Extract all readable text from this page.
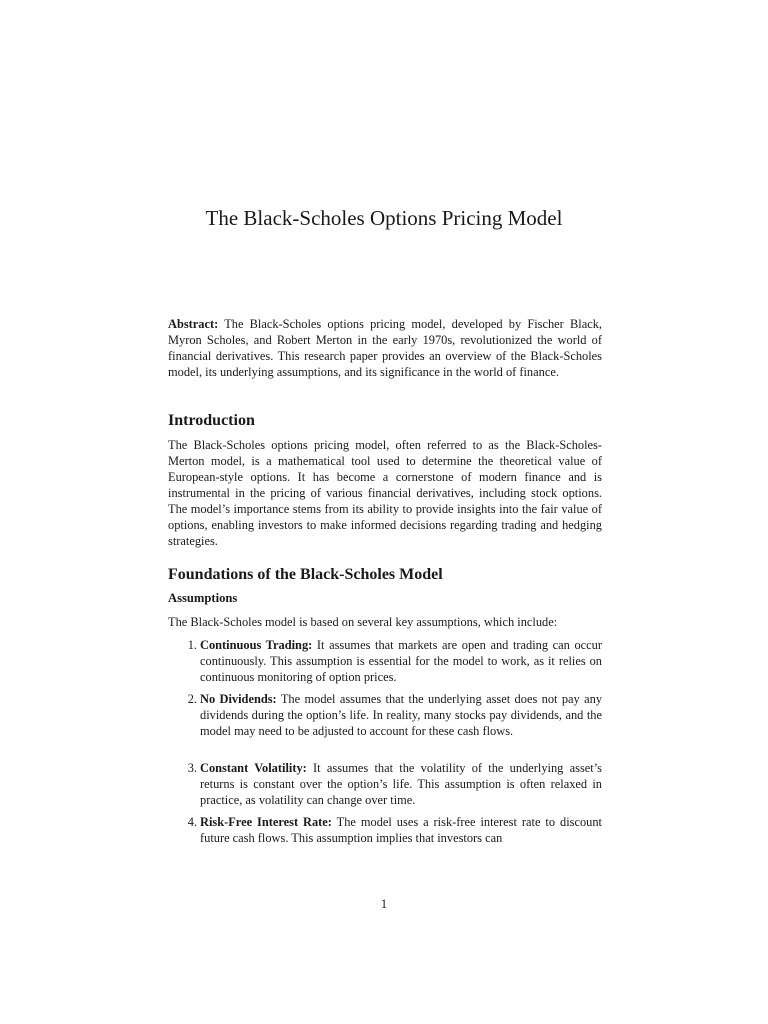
The Black-Scholes Options Pricing Model

Abstract: The Black-Scholes options pricing model, developed by Fischer Black, Myron Scholes, and Robert Merton in the early 1970s, revolutionized the world of financial derivatives. This research paper provides an overview of the Black-Scholes model, its underlying assumptions, and its significance in the world of finance.

Introduction

The Black-Scholes options pricing model, often referred to as the Black-Scholes-Merton model, is a mathematical tool used to determine the theoretical value of European-style options. It has become a cornerstone of modern finance and is instrumental in the pricing of various financial derivatives, including stock options. The model’s importance stems from its ability to provide insights into the fair value of options, enabling investors to make informed decisions regarding trading and hedging strategies.

Foundations of the Black-Scholes Model
Assumptions

The Black-Scholes model is based on several key assumptions, which include:

1. Continuous Trading: It assumes that markets are open and trading can occur continuously. This assumption is essential for the model to work, as it relies on continuous monitoring of option prices.
2. No Dividends: The model assumes that the underlying asset does not pay any dividends during the option’s life. In reality, many stocks pay dividends, and the model may need to be adjusted to account for these cash flows.
3. Constant Volatility: It assumes that the volatility of the underlying asset’s returns is constant over the option’s life. This assumption is often relaxed in practice, as volatility can change over time.
4. Risk-Free Interest Rate: The model uses a risk-free interest rate to discount future cash flows. This assumption implies that investors can
1
